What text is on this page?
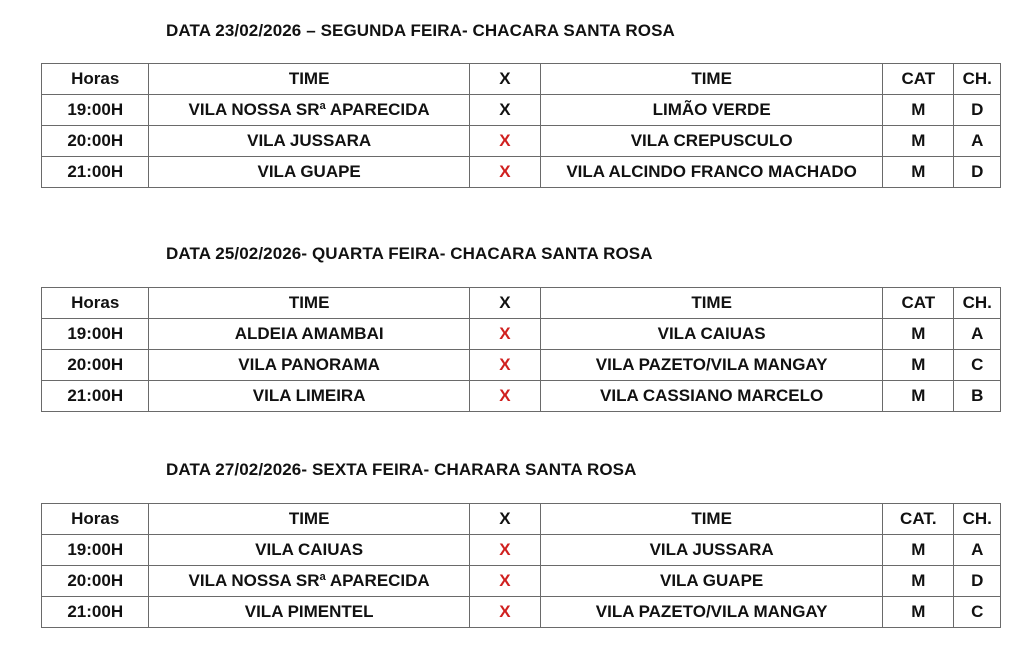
DATA 23/02/2026 – SEGUNDA FEIRA- CHACARA SANTA ROSA
Horas	TIME	X	TIME	CAT	CH.
19:00H	VILA NOSSA SRª APARECIDA	X	LIMÃO VERDE	M	D
20:00H	VILA JUSSARA	X	VILA CREPUSCULO	M	A
21:00H	VILA GUAPE	X	VILA ALCINDO FRANCO MACHADO	M	D
DATA 25/02/2026- QUARTA FEIRA- CHACARA SANTA ROSA
Horas	TIME	X	TIME	CAT	CH.
19:00H	ALDEIA AMAMBAI	X	VILA CAIUAS	M	A
20:00H	VILA PANORAMA	X	VILA PAZETO/VILA MANGAY	M	C
21:00H	VILA LIMEIRA	X	VILA CASSIANO MARCELO	M	B
DATA 27/02/2026- SEXTA FEIRA- CHARARA SANTA ROSA
Horas	TIME	X	TIME	CAT.	CH.
19:00H	VILA CAIUAS	X	VILA JUSSARA	M	A
20:00H	VILA NOSSA SRª APARECIDA	X	VILA GUAPE	M	D
21:00H	VILA PIMENTEL	X	VILA PAZETO/VILA MANGAY	M	C
